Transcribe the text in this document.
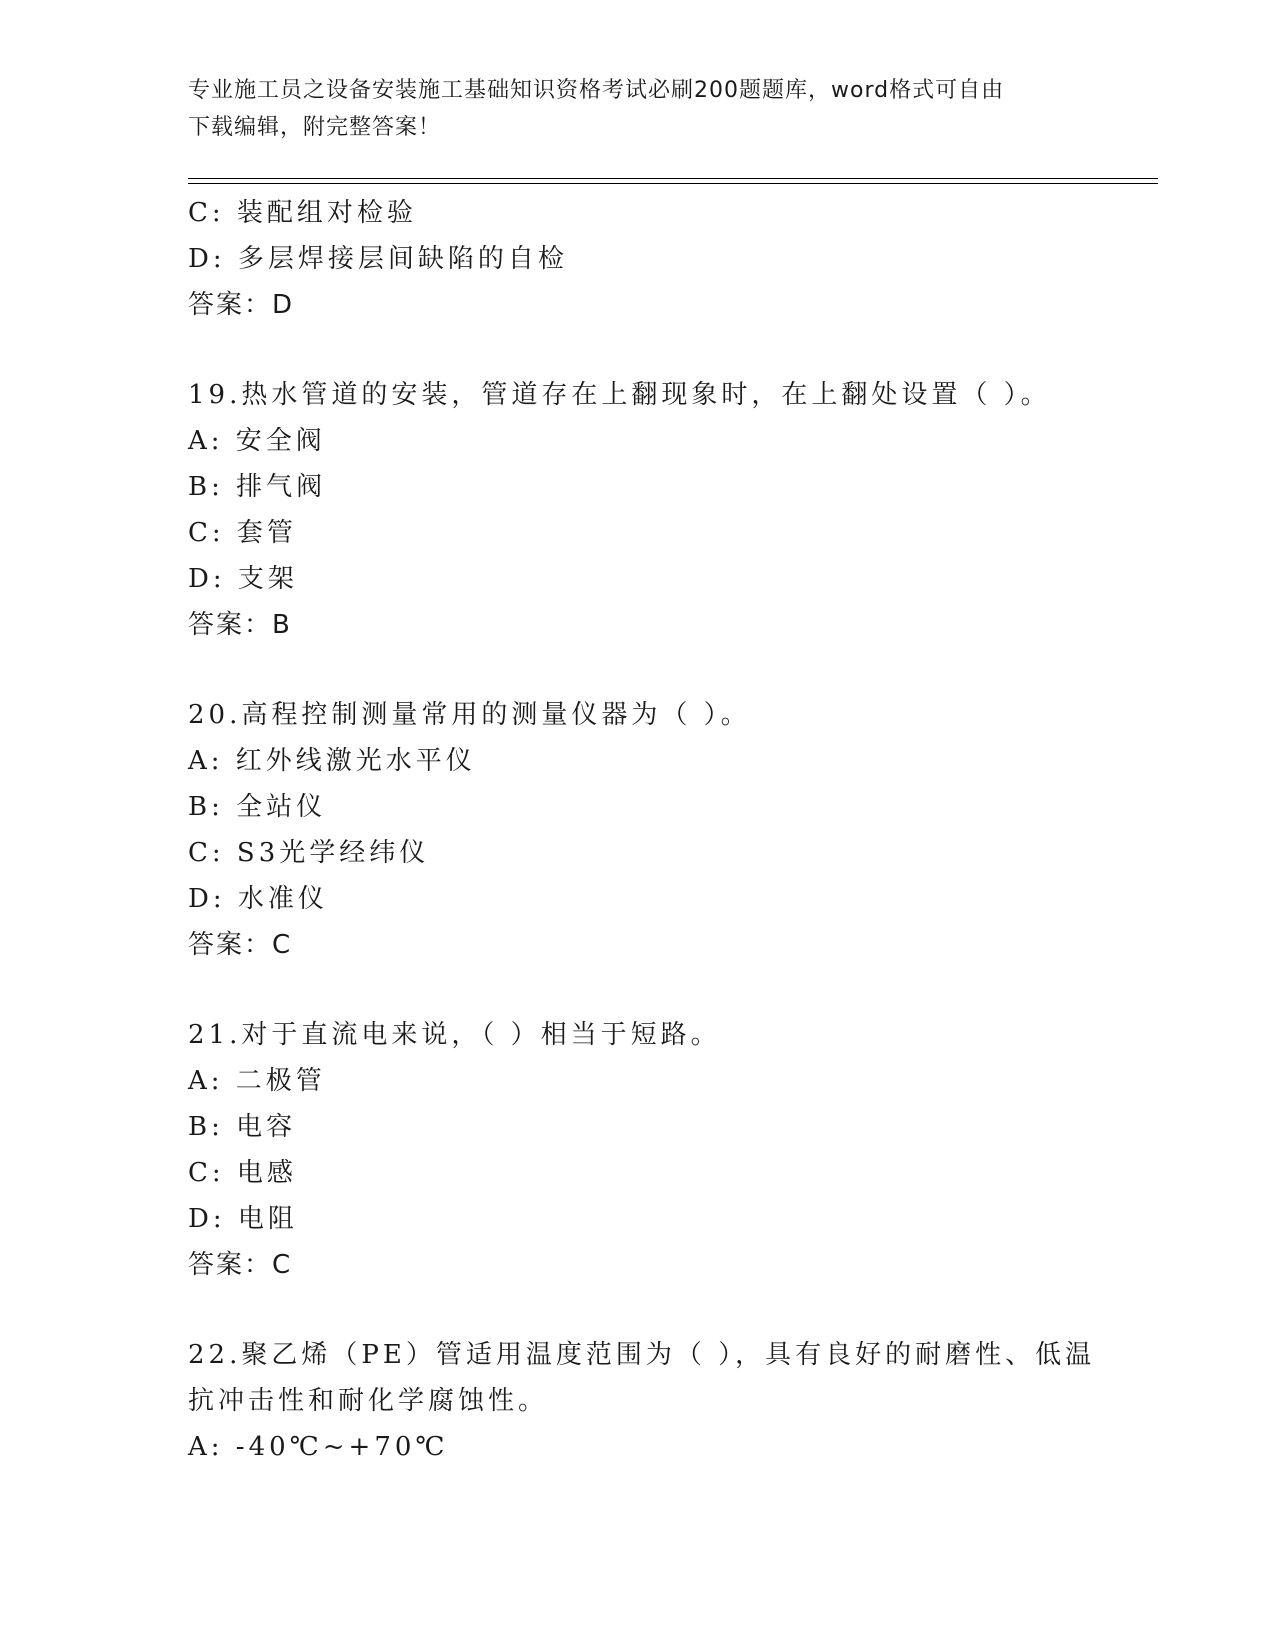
专业施工员之设备安装施工基础知识资格考试必刷200题题库，word格式可自由
下载编辑，附完整答案！
C: 装配组对检验
D: 多层焊接层间缺陷的自检
答案：D
19.热水管道的安装，管道存在上翻现象时，在上翻处设置（ ）。
A: 安全阀
B: 排气阀
C: 套管
D: 支架
答案：B
20.高程控制测量常用的测量仪器为（ ）。
A: 红外线激光水平仪
B: 全站仪
C: S3光学经纬仪
D: 水准仪
答案：C
21.对于直流电来说，（ ）相当于短路。
A: 二极管
B: 电容
C: 电感
D: 电阻
答案：C
22.聚乙烯（PE）管适用温度范围为（ ），具有良好的耐磨性、低温
抗冲击性和耐化学腐蚀性。
A: -40℃~+70℃
